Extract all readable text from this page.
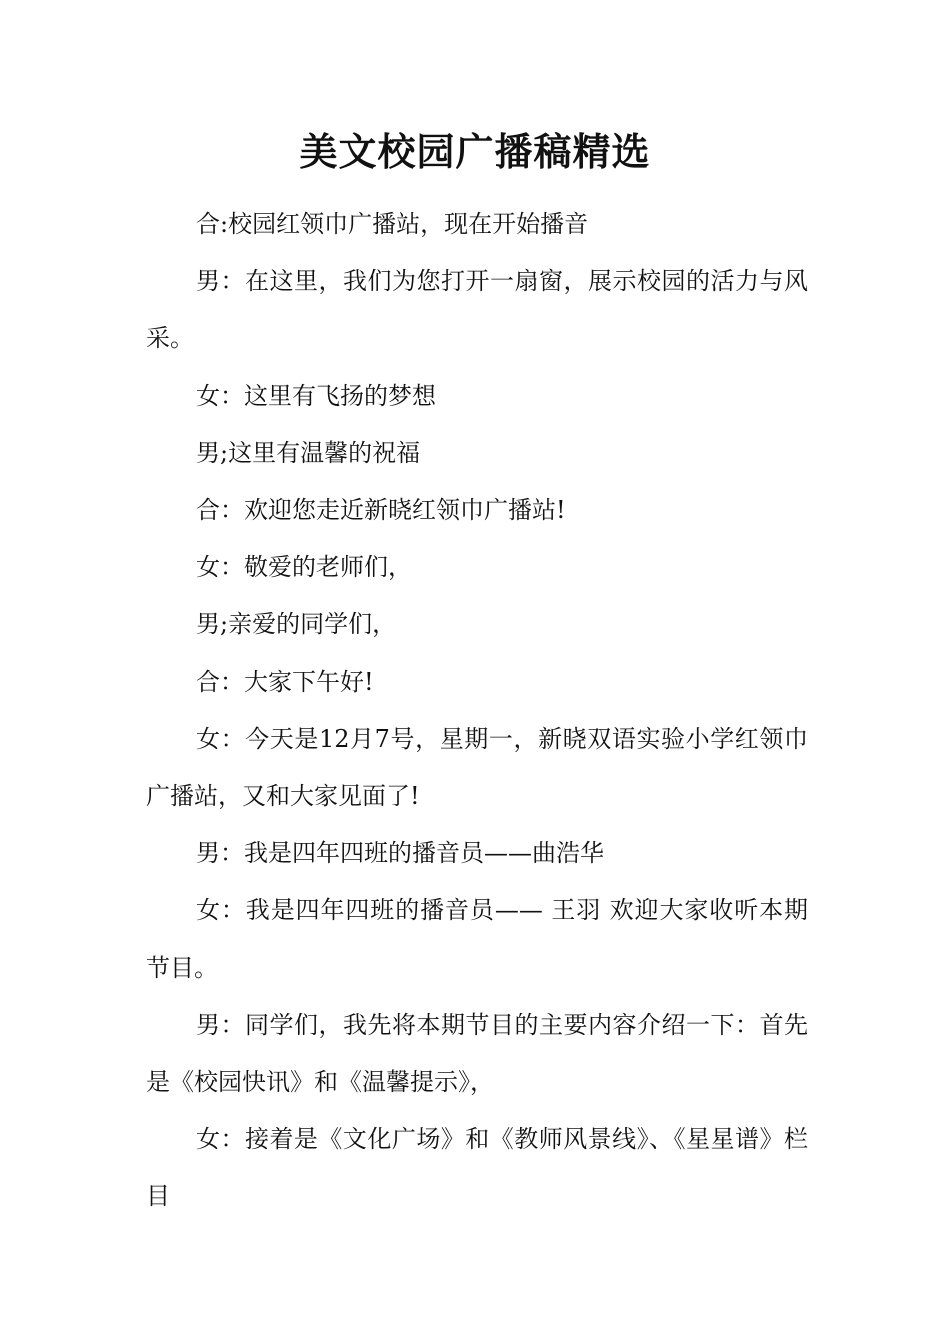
美文校园广播稿精选

合:校园红领巾广播站，现在开始播音

男：在这里，我们为您打开一扇窗，展示校园的活力与风采。

女：这里有飞扬的梦想

男;这里有温馨的祝福

合：欢迎您走近新晓红领巾广播站!

女：敬爱的老师们，

男;亲爱的同学们，

合：大家下午好!

女：今天是12月7号，星期一，新晓双语实验小学红领巾广播站，又和大家见面了!

男：我是四年四班的播音员——曲浩华

女：我是四年四班的播音员—— 王羽 欢迎大家收听本期节目。

男：同学们，我先将本期节目的主要内容介绍一下：首先是《校园快讯》和《温馨提示》，

女：接着是《文化广场》和《教师风景线》、《星星谱》栏目
